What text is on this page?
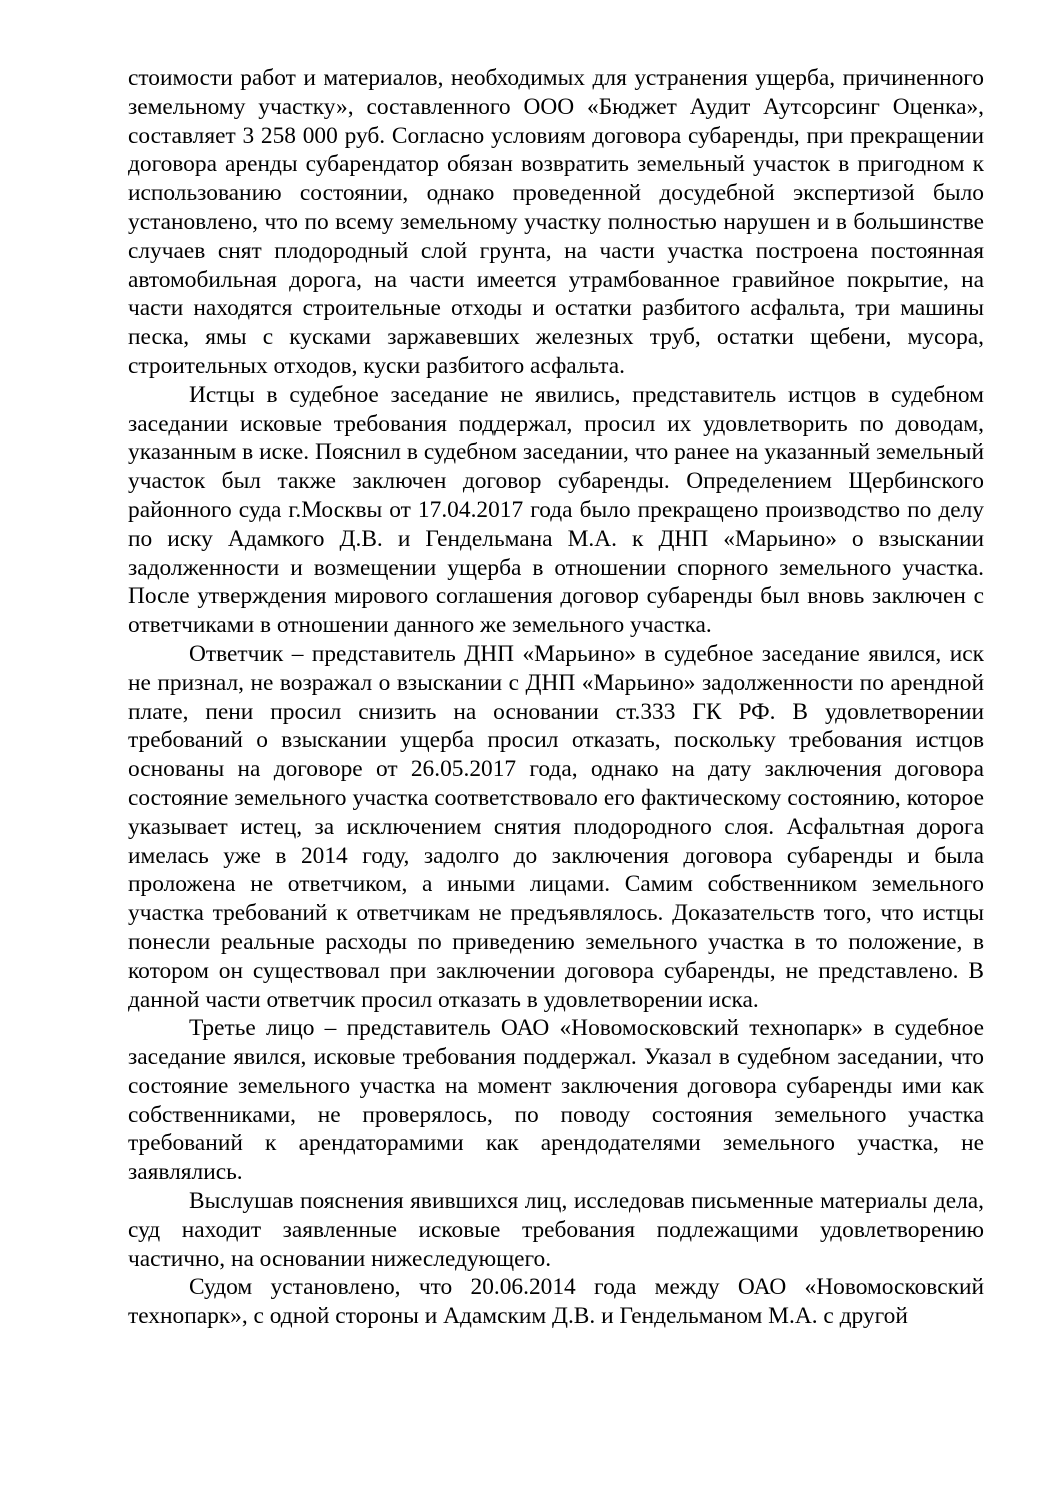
стоимости работ и материалов, необходимых для устранения ущерба, причиненного земельному участку», составленного ООО «Бюджет Аудит Аутсорсинг Оценка», составляет 3 258 000 руб. Согласно условиям договора субаренды, при прекращении договора аренды субарендатор обязан возвратить земельный участок в пригодном к использованию состоянии, однако проведенной досудебной экспертизой было установлено, что по всему земельному участку полностью нарушен и в большинстве случаев снят плодородный слой грунта, на части участка построена постоянная автомобильная дорога, на части имеется утрамбованное гравийное покрытие, на части находятся строительные отходы и остатки разбитого асфальта, три машины песка, ямы с кусками заржавевших железных труб, остатки щебени, мусора, строительных отходов, куски разбитого асфальта.

Истцы в судебное заседание не явились, представитель истцов в судебном заседании исковые требования поддержал, просил их удовлетворить по доводам, указанным в иске. Пояснил в судебном заседании, что ранее на указанный земельный участок был также заключен договор субаренды. Определением Щербинского районного суда г.Москвы от 17.04.2017 года было прекращено производство по делу по иску Адамкого Д.В. и Гендельмана М.А. к ДНП «Марьино» о взыскании задолженности и возмещении ущерба в отношении спорного земельного участка. После утверждения мирового соглашения договор субаренды был вновь заключен с ответчиками в отношении данного же земельного участка.

Ответчик – представитель ДНП «Марьино» в судебное заседание явился, иск не признал, не возражал о взыскании с ДНП «Марьино» задолженности по арендной плате, пени просил снизить на основании ст.333 ГК РФ. В удовлетворении требований о взыскании ущерба просил отказать, поскольку требования истцов основаны на договоре от 26.05.2017 года, однако на дату заключения договора состояние земельного участка соответствовало его фактическому состоянию, которое указывает истец, за исключением снятия плодородного слоя. Асфальтная дорога имелась уже в 2014 году, задолго до заключения договора субаренды и была проложена не ответчиком, а иными лицами. Самим собственником земельного участка требований к ответчикам не предъявлялось. Доказательств того, что истцы понесли реальные расходы по приведению земельного участка в то положение, в котором он существовал при заключении договора субаренды, не представлено. В данной части ответчик просил отказать в удовлетворении иска.

Третье лицо – представитель ОАО «Новомосковский технопарк» в судебное заседание явился, исковые требования поддержал. Указал в судебном заседании, что состояние земельного участка на момент заключения договора субаренды ими как собственниками, не проверялось, по поводу состояния земельного участка требований к арендаторамими как арендодателями земельного участка, не заявлялись.

Выслушав пояснения явившихся лиц, исследовав письменные материалы дела, суд находит заявленные исковые требования подлежащими удовлетворению частично, на основании нижеследующего.

Судом установлено, что 20.06.2014 года между ОАО «Новомосковский технопарк», с одной стороны и Адамским Д.В. и Гендельманом М.А. с другой
